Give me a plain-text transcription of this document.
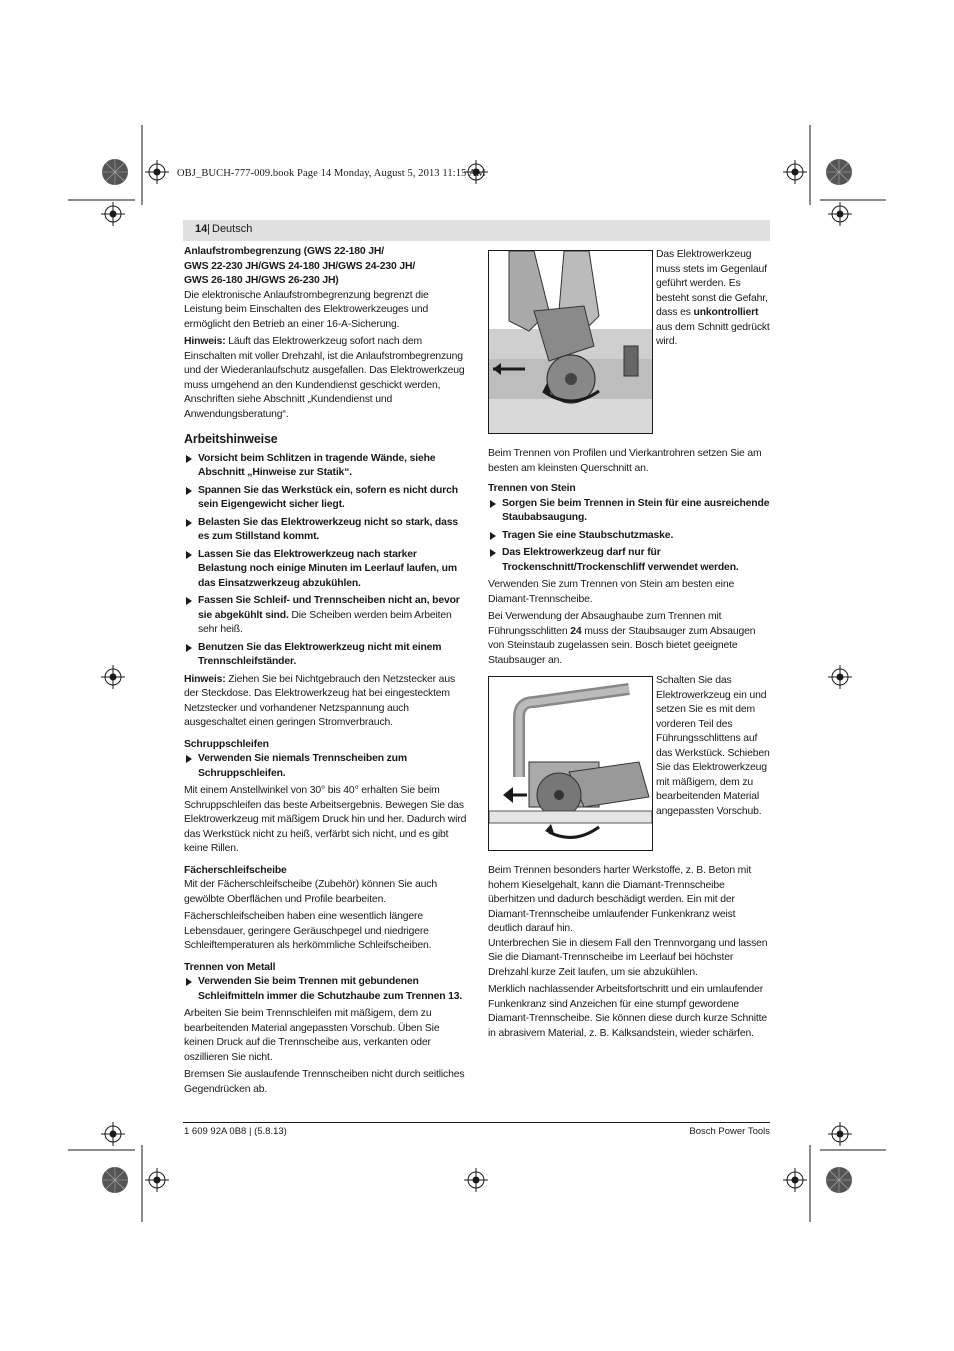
OBJ_BUCH-777-009.book Page 14 Monday, August 5, 2013 11:15 AM
14 | Deutsch
Anlaufstrombegrenzung (GWS 22-180 JH/
GWS 22-230 JH/GWS 24-180 JH/GWS 24-230 JH/
GWS 26-180 JH/GWS 26-230 JH)

Die elektronische Anlaufstrombegrenzung begrenzt die Leistung beim Einschalten des Elektrowerkzeuges und ermöglicht den Betrieb an einer 16-A-Sicherung.

Hinweis: Läuft das Elektrowerkzeug sofort nach dem Einschalten mit voller Drehzahl, ist die Anlaufstrombegrenzung und der Wiederanlaufschutz ausgefallen. Das Elektrowerkzeug muss umgehend an den Kundendienst geschickt werden, Anschriften siehe Abschnitt „Kundendienst und Anwendungsberatung“.

Arbeitshinweise
Vorsicht beim Schlitzen in tragende Wände, siehe Abschnitt „Hinweise zur Statik“.
Spannen Sie das Werkstück ein, sofern es nicht durch sein Eigengewicht sicher liegt.
Belasten Sie das Elektrowerkzeug nicht so stark, dass es zum Stillstand kommt.
Lassen Sie das Elektrowerkzeug nach starker Belastung noch einige Minuten im Leerlauf laufen, um das Einsatzwerkzeug abzukühlen.
Fassen Sie Schleif- und Trennscheiben nicht an, bevor sie abgekühlt sind. Die Scheiben werden beim Arbeiten sehr heiß.
Benutzen Sie das Elektrowerkzeug nicht mit einem Trennschleifständer.

Hinweis: Ziehen Sie bei Nichtgebrauch den Netzstecker aus der Steckdose. Das Elektrowerkzeug hat bei eingestecktem Netzstecker und vorhandener Netzspannung auch ausgeschaltet einen geringen Stromverbrauch.

Schruppschleifen
Verwenden Sie niemals Trennscheiben zum Schruppschleifen.

Mit einem Anstellwinkel von 30° bis 40° erhalten Sie beim Schruppschleifen das beste Arbeitsergebnis. Bewegen Sie das Elektrowerkzeug mit mäßigem Druck hin und her. Dadurch wird das Werkstück nicht zu heiß, verfärbt sich nicht, und es gibt keine Rillen.

Fächerschleifscheibe

Mit der Fächerschleifscheibe (Zubehör) können Sie auch gewölbte Oberflächen und Profile bearbeiten.

Fächerschleifscheiben haben eine wesentlich längere Lebensdauer, geringere Geräuschpegel und niedrigere Schleiftemperaturen als herkömmliche Schleifscheiben.

Trennen von Metall
Verwenden Sie beim Trennen mit gebundenen Schleifmitteln immer die Schutzhaube zum Trennen 13.

Arbeiten Sie beim Trennschleifen mit mäßigem, dem zu bearbeitenden Material angepassten Vorschub. Üben Sie keinen Druck auf die Trennscheibe aus, verkanten oder oszillieren Sie nicht.

Bremsen Sie auslaufende Trennscheiben nicht durch seitliches Gegendrücken ab.

Das Elektrowerkzeug muss stets im Gegenlauf geführt werden. Es besteht sonst die Gefahr, dass es unkontrolliert aus dem Schnitt gedrückt wird.

Beim Trennen von Profilen und Vierkantrohren setzen Sie am besten am kleinsten Querschnitt an.

Trennen von Stein
Sorgen Sie beim Trennen in Stein für eine ausreichende Staubabsaugung.
Tragen Sie eine Staubschutzmaske.
Das Elektrowerkzeug darf nur für Trockenschnitt/Trockenschliff verwendet werden.

Verwenden Sie zum Trennen von Stein am besten eine Diamant-Trennscheibe.

Bei Verwendung der Absaughaube zum Trennen mit Führungsschlitten 24 muss der Staubsauger zum Absaugen von Steinstaub zugelassen sein. Bosch bietet geeignete Staubsauger an.

Schalten Sie das Elektrowerkzeug ein und setzen Sie es mit dem vorderen Teil des Führungsschlittens auf das Werkstück. Schieben Sie das Elektrowerkzeug mit mäßigem, dem zu bearbeitenden Material angepassten Vorschub.

Beim Trennen besonders harter Werkstoffe, z. B. Beton mit hohem Kieselgehalt, kann die Diamant-Trennscheibe überhitzen und dadurch beschädigt werden. Ein mit der Diamant-Trennscheibe umlaufender Funkenkranz weist deutlich darauf hin.

Unterbrechen Sie in diesem Fall den Trennvorgang und lassen Sie die Diamant-Trennscheibe im Leerlauf bei höchster Drehzahl kurze Zeit laufen, um sie abzukühlen.

Merklich nachlassender Arbeitsfortschritt und ein umlaufender Funkenkranz sind Anzeichen für eine stumpf gewordene Diamant-Trennscheibe. Sie können diese durch kurze Schnitte in abrasivem Material, z. B. Kalksandstein, wieder schärfen.

1 609 92A 0B8 | (5.8.13)	Bosch Power Tools
